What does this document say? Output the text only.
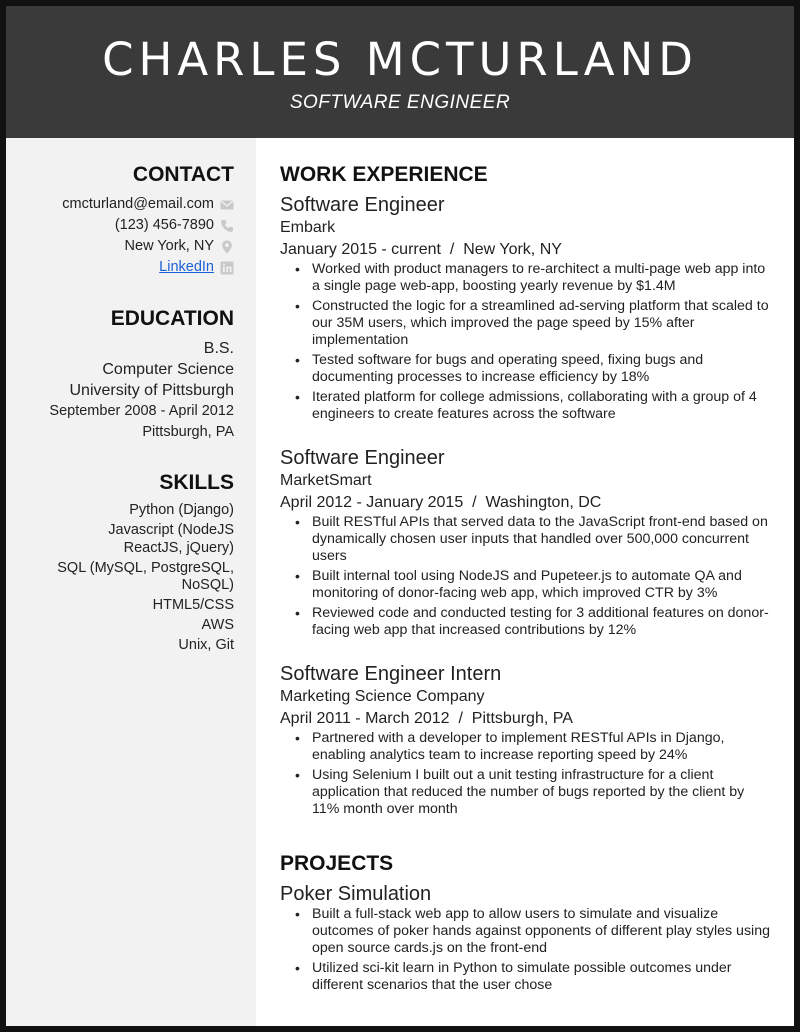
CHARLES MCTURLAND
SOFTWARE ENGINEER
CONTACT
cmcturland@email.com
(123) 456-7890
New York, NY
LinkedIn
EDUCATION
B.S.
Computer Science
University of Pittsburgh
September 2008 - April 2012
Pittsburgh, PA
SKILLS
Python (Django)
Javascript (NodeJS ReactJS, jQuery)
SQL (MySQL, PostgreSQL, NoSQL)
HTML5/CSS
AWS
Unix, Git
WORK EXPERIENCE
Software Engineer
Embark
January 2015 - current  /  New York, NY
• Worked with product managers to re-architect a multi-page web app into a single page web-app, boosting yearly revenue by $1.4M
• Constructed the logic for a streamlined ad-serving platform that scaled to our 35M users, which improved the page speed by 15% after implementation
• Tested software for bugs and operating speed, fixing bugs and documenting processes to increase efficiency by 18%
• Iterated platform for college admissions, collaborating with a group of 4 engineers to create features across the software
Software Engineer
MarketSmart
April 2012 - January 2015  /  Washington, DC
• Built RESTful APIs that served data to the JavaScript front-end based on dynamically chosen user inputs that handled over 500,000 concurrent users
• Built internal tool using NodeJS and Pupeteer.js to automate QA and monitoring of donor-facing web app, which improved CTR by 3%
• Reviewed code and conducted testing for 3 additional features on donor-facing web app that increased contributions by 12%
Software Engineer Intern
Marketing Science Company
April 2011 - March 2012  /  Pittsburgh, PA
• Partnered with a developer to implement RESTful APIs in Django, enabling analytics team to increase reporting speed by 24%
• Using Selenium I built out a unit testing infrastructure for a client application that reduced the number of bugs reported by the client by 11% month over month
PROJECTS
Poker Simulation
• Built a full-stack web app to allow users to simulate and visualize outcomes of poker hands against opponents of different play styles using open source cards.js on the front-end
• Utilized sci-kit learn in Python to simulate possible outcomes under different scenarios that the user chose
